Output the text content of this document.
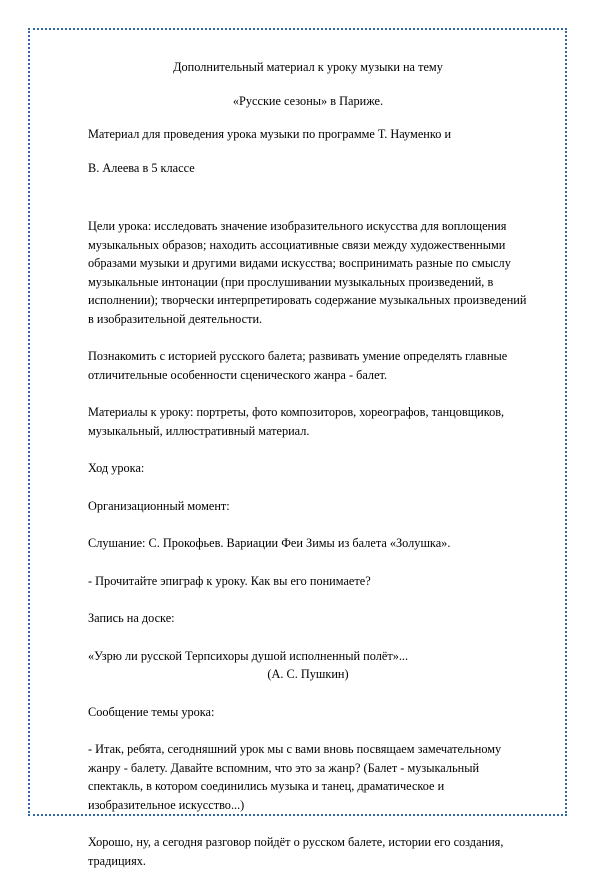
Дополнительный материал к уроку музыки на тему

«Русские сезоны» в Париже.

Материал для проведения урока музыки по программе Т. Науменко и

В. Алеева в 5 классе

Цели урока: исследовать значение изобразительного искусства для воплощения музыкальных образов; находить ассоциативные связи между художественными образами музыки и другими видами искусства; воспринимать разные по смыслу музыкальные интонации (при прослушивании музыкальных произведений, в исполнении); творчески интерпретировать содержание музыкальных произведений в изобразительной деятельности.

Познакомить с историей русского балета; развивать умение определять главные отличительные особенности сценического жанра - балет.

Материалы к уроку: портреты, фото композиторов, хореографов, танцовщиков, музыкальный, иллюстративный материал.

Ход урока:

Организационный момент:

Слушание: С. Прокофьев. Вариации Феи Зимы из балета «Золушка».

- Прочитайте эпиграф к уроку. Как вы его понимаете?

Запись на доске:

«Узрю ли русской Терпсихоры душой исполненный полёт»...

(А. С. Пушкин)

Сообщение темы урока:

- Итак, ребята, сегодняшний урок мы с вами вновь посвящаем замечательному жанру - балету. Давайте вспомним, что это за жанр? (Балет - музыкальный спектакль, в котором соединились музыка и танец, драматическое и изобразительное искусство...)

Хорошо, ну, а сегодня разговор пойдёт о русском балете, истории его создания, традициях.
